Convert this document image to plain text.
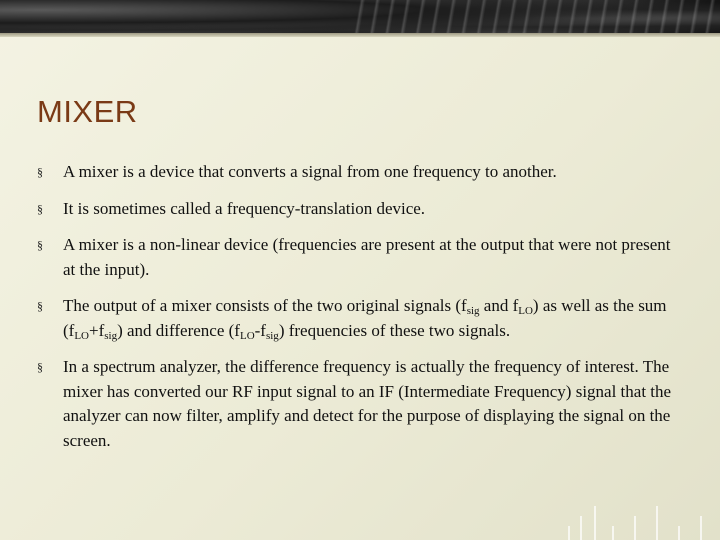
MIXER
§ A mixer is a device that converts a signal from one frequency to another.
§ It is sometimes called a frequency-translation device.
§ A mixer is a non-linear device (frequencies are present at the output that were not present at the input).
§ The output of a mixer consists of the two original signals ($f_{sig}$ and $f_{LO}$) as well as the sum $(f_{LO}+f_{sig})$ and difference $(f_{LO}-f_{sig})$ frequencies of these two signals.
§ In a spectrum analyzer, the difference frequency is actually the frequency of interest. The mixer has converted our RF input signal to an IF (Intermediate Frequency) signal that the analyzer can now filter, amplify and detect for the purpose of displaying the signal on the screen.
